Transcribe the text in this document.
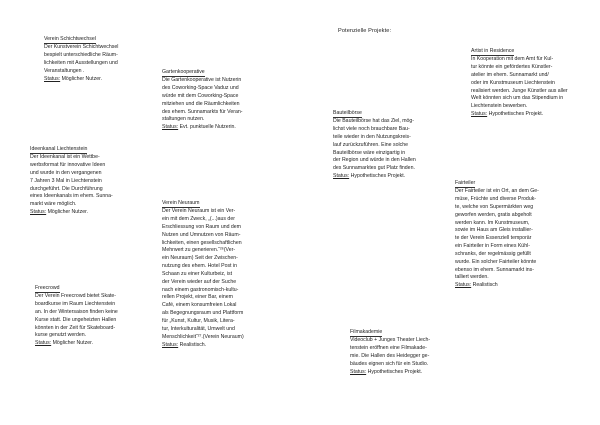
Potenzielle Projekte:
Verein Schichtwechsel
Der Kunstverein Schichtwechsel
bespielt unterschiedliche Räum-
lichkeiten mit Ausstellungen und
Veranstaltungen .
Status: Möglicher Nutzer.
Ideenkanal Liechtenstein
Der Ideenkanal ist ein Wettbe-
werbsformat für innovative Ideen
und wurde in den vergangenen
7 Jahren 3 Mal in Liechtenstein
durchgeführt. Die Durchführung
eines Ideenkanals im ehem. Sunna-
markt wäre möglich.
Status: Möglicher Nutzer.
Freecrowd
Der Verein Freecrowd bietet Skate-
boardkurse im Raum Liechtenstein
an. In der Wintersaison finden keine
Kurse statt. Die ungeheizten Hallen
könnten in der Zeit für Skateboard-
kurse genutzt werden.
Status: Möglicher Nutzer.
Gartenkooperative
Die Gartenkooperative ist Nutzerin
des Coworking-Space Vaduz und
würde mit dem Coworking-Space
mitziehen und die Räumlichkeiten
des ehem. Sunnamarkts für Veran-
staltungen nutzen.
Status: Evt. punktuelle Nutzerin.
Verein Neuraum
Der Verein Neuraum ist ein Ver-
ein mit dem Zweck, „(...)aus der
Erschliessung von Raum und dem
Nutzen und Umnutzen von Räum-
lichkeiten, einen gesellschaftlichen
Mehrwert zu generieren.“²⁶(Ver-
ein Neuraum) Seit der Zwischen-
nutzung des ehem. Hotel Post in
Schaan zu einer Kulturbeiz, ist
der Verein wieder auf der Suche
nach einem gastronomisch-kultu-
rellen Projekt, einer Bar, einem
Café, einem konsumfreien Lokal
als Begegnungsraum und Plattform
für „Kunst, Kultur, Musik, Litera-
tur, Interkulturalität, Umwelt und
Menschlichkeit“²⁷.(Verein Neuraum)
Status: Realistisch.
Bauteilbörse
Die Bauteilbörse hat das Ziel, mög-
lichst viele noch brauchbare Bau-
teile wieder in den Nutzungskreis-
lauf zurückzuführen. Eine solche
Bauteilbörse wäre einzigartig in
der Region und würde in den Hallen
des Sunnamarktes gut Platz finden.
Status: Hypothetisches Projekt.
Filmakademie
Videoclub + Junges Theater Liech-
tenstein eröffnen eine Filmakade-
mie. Die Hallen des Heidegger ge-
bäudes eignen sich für ein Studio.
Status: Hypothetisches Projekt.
Artist in Residence
In Kooperation mit dem Amt für Kul-
tur könnte ein gefördertes Künstler-
atelier im ehem. Sunnamarkt und/
oder im Kunstmuseum Liechtenstein
realisiert werden. Junge Künstler aus aller
Welt könnten sich um das Stipendium in
Liechtenstein bewerben.
Status: Hypothetisches Projekt.
Fairteiler
Der Fairteiler ist ein Ort, an dem Ge-
müse, Früchte und diverse Produk-
te, welche von Supermärkten weg
geworfen werden, gratis abgeholt
werden kann. Im Kunstmuseum,
sowie im Haus am Gleis installier-
te der Verein Essenziell temporär
ein Fairteiler in Form eines Kühl-
schranks, der regelmässig gefüllt
wurde. Ein solcher Fairteiler könnte
ebenso im ehem. Sunnamarkt ins-
talliert werden.
Status: Realistisch
